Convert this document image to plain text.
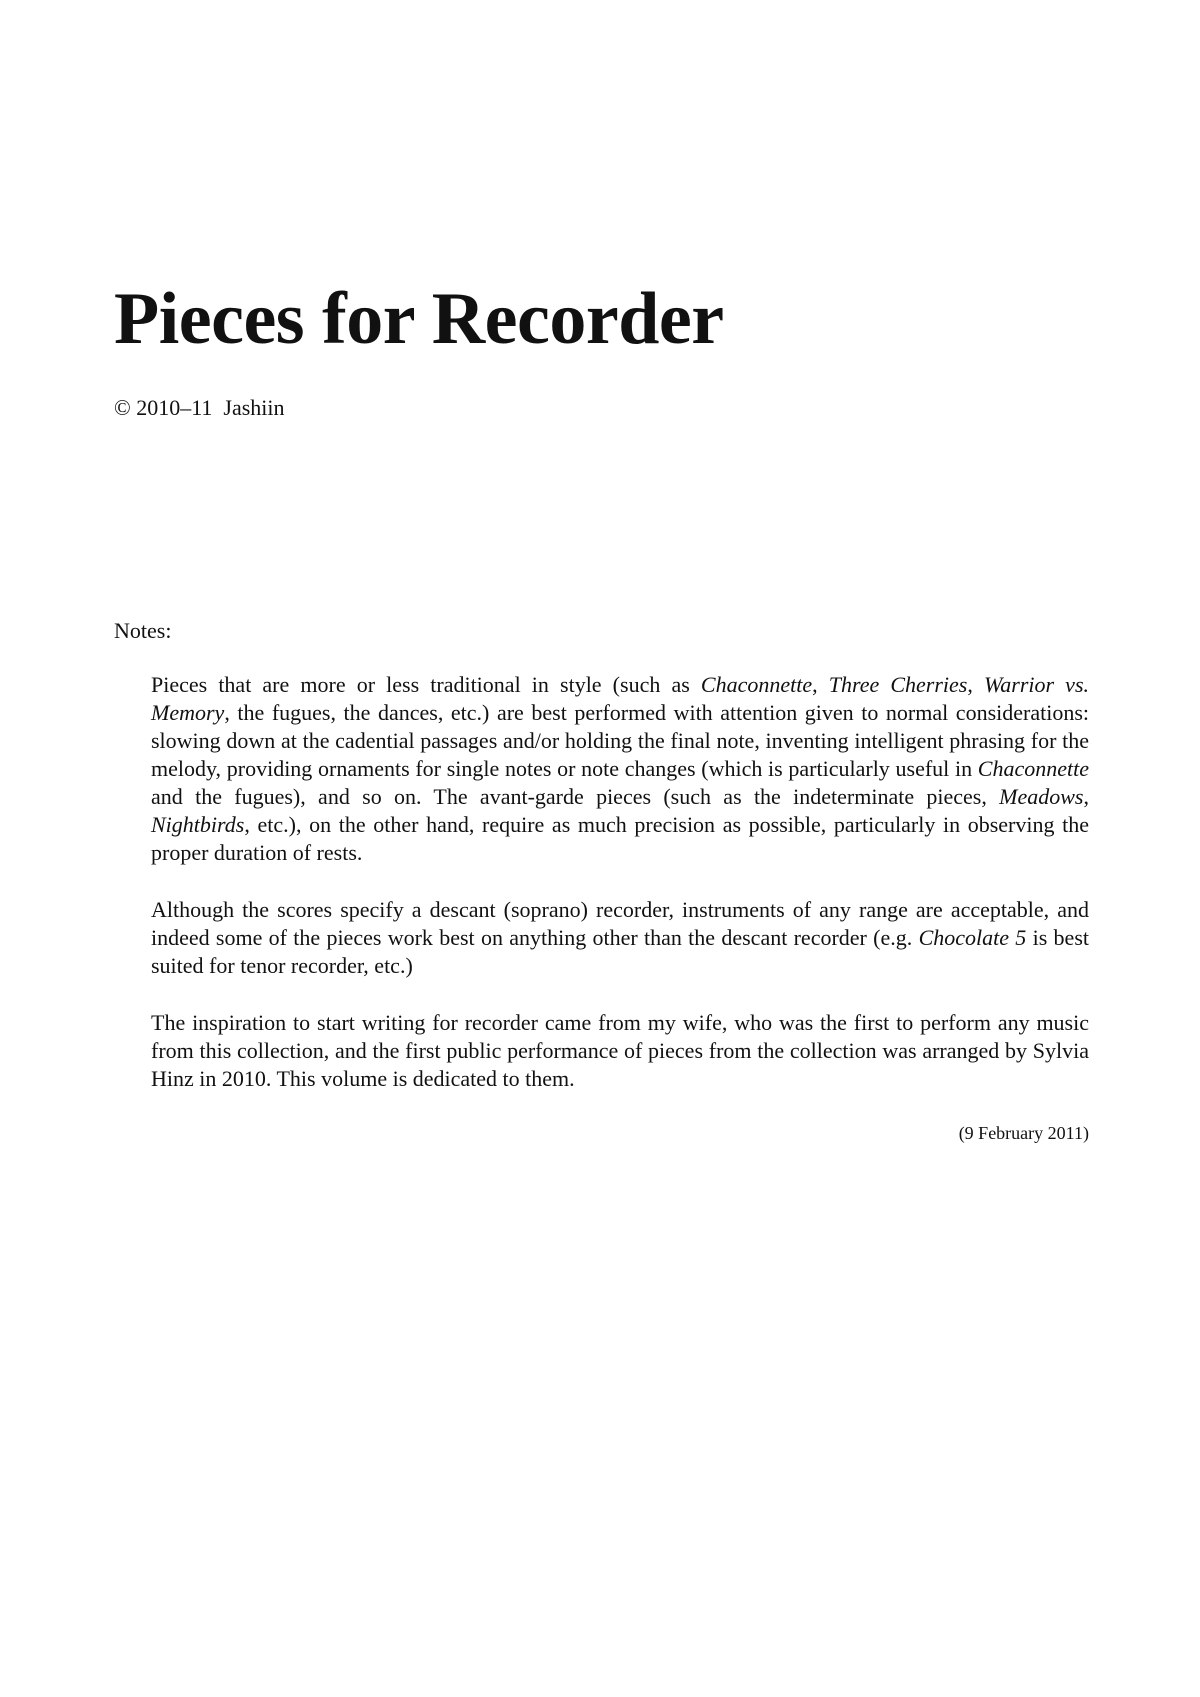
Pieces for Recorder

© 2010–11  Jashiin

Notes:

Pieces that are more or less traditional in style (such as Chaconnette, Three Cherries, Warrior vs. Memory, the fugues, the dances, etc.) are best performed with attention given to normal considerations: slowing down at the cadential passages and/or holding the final note, inventing intelligent phrasing for the melody, providing ornaments for single notes or note changes (which is particularly useful in Chaconnette and the fugues), and so on. The avant-garde pieces (such as the indeterminate pieces, Meadows, Nightbirds, etc.), on the other hand, require as much precision as possible, particularly in observing the proper duration of rests.

Although the scores specify a descant (soprano) recorder, instruments of any range are acceptable, and indeed some of the pieces work best on anything other than the descant recorder (e.g. Chocolate 5 is best suited for tenor recorder, etc.)

The inspiration to start writing for recorder came from my wife, who was the first to perform any music from this collection, and the first public performance of pieces from the collection was arranged by Sylvia Hinz in 2010. This volume is dedicated to them.

(9 February 2011)
